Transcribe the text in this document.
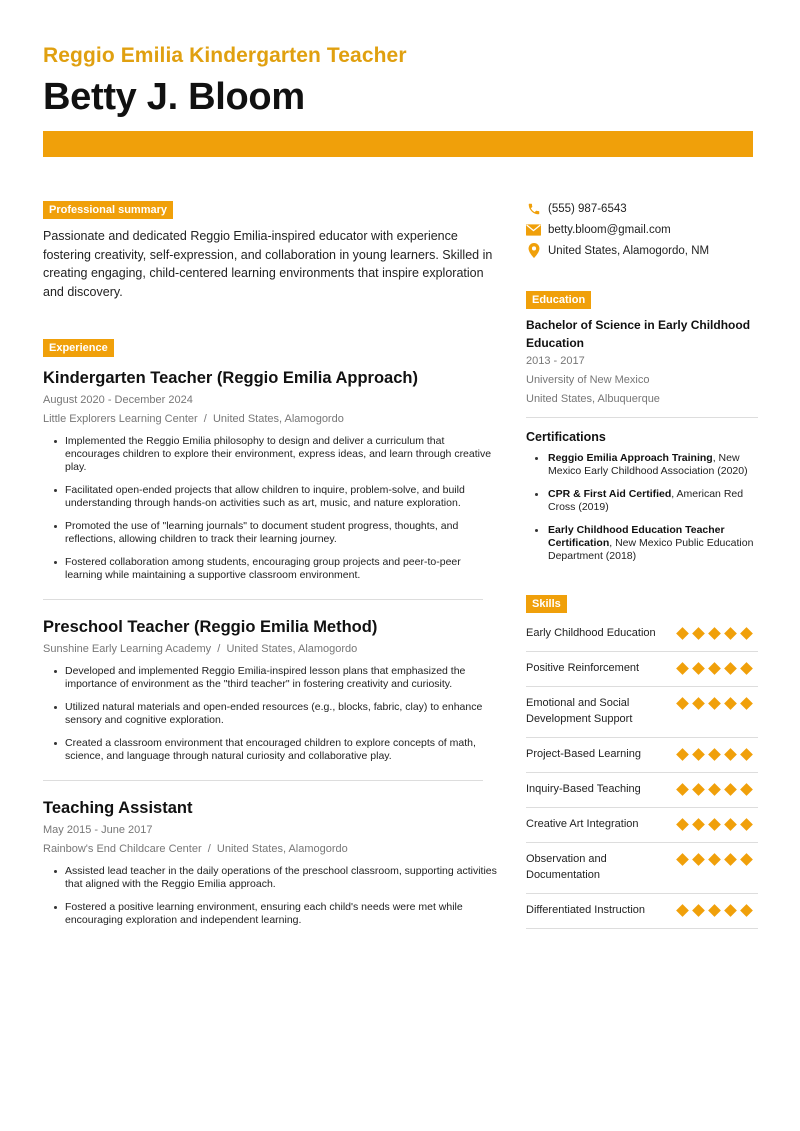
Reggio Emilia Kindergarten Teacher
Betty J. Bloom
Professional summary

Passionate and dedicated Reggio Emilia-inspired educator with experience fostering creativity, self-expression, and collaboration in young learners. Skilled in creating engaging, child-centered learning environments that inspire exploration and discovery.

Experience
Kindergarten Teacher (Reggio Emilia Approach)
August 2020 - December 2024
Little Explorers Learning Center  /  United States, Alamogordo
Implemented the Reggio Emilia philosophy to design and deliver a curriculum that encourages children to explore their environment, express ideas, and learn through creative play.
Facilitated open-ended projects that allow children to inquire, problem-solve, and build understanding through hands-on activities such as art, music, and nature exploration.
Promoted the use of "learning journals" to document student progress, thoughts, and reflections, allowing children to track their learning journey.
Fostered collaboration among students, encouraging group projects and peer-to-peer learning while maintaining a supportive classroom environment.
Preschool Teacher (Reggio Emilia Method)
Sunshine Early Learning Academy  /  United States, Alamogordo
Developed and implemented Reggio Emilia-inspired lesson plans that emphasized the importance of environment as the "third teacher" in fostering creativity and curiosity.
Utilized natural materials and open-ended resources (e.g., blocks, fabric, clay) to enhance sensory and cognitive exploration.
Created a classroom environment that encouraged children to explore concepts of math, science, and language through natural curiosity and collaborative play.
Teaching Assistant
May 2015 - June 2017
Rainbow's End Childcare Center  /  United States, Alamogordo
Assisted lead teacher in the daily operations of the preschool classroom, supporting activities that aligned with the Reggio Emilia approach.
Fostered a positive learning environment, ensuring each child's needs were met while encouraging exploration and independent learning.
(555) 987-6543
betty.bloom@gmail.com
United States, Alamogordo, NM
Education
Bachelor of Science in Early Childhood Education
2013 - 2017
University of New Mexico
United States, Albuquerque
Certifications
Reggio Emilia Approach Training, New Mexico Early Childhood Association (2020)
CPR & First Aid Certified, American Red Cross (2019)
Early Childhood Education Teacher Certification, New Mexico Public Education Department (2018)
Skills
Early Childhood Education
Positive Reinforcement
Emotional and Social Development Support
Project-Based Learning
Inquiry-Based Teaching
Creative Art Integration
Observation and Documentation
Differentiated Instruction
